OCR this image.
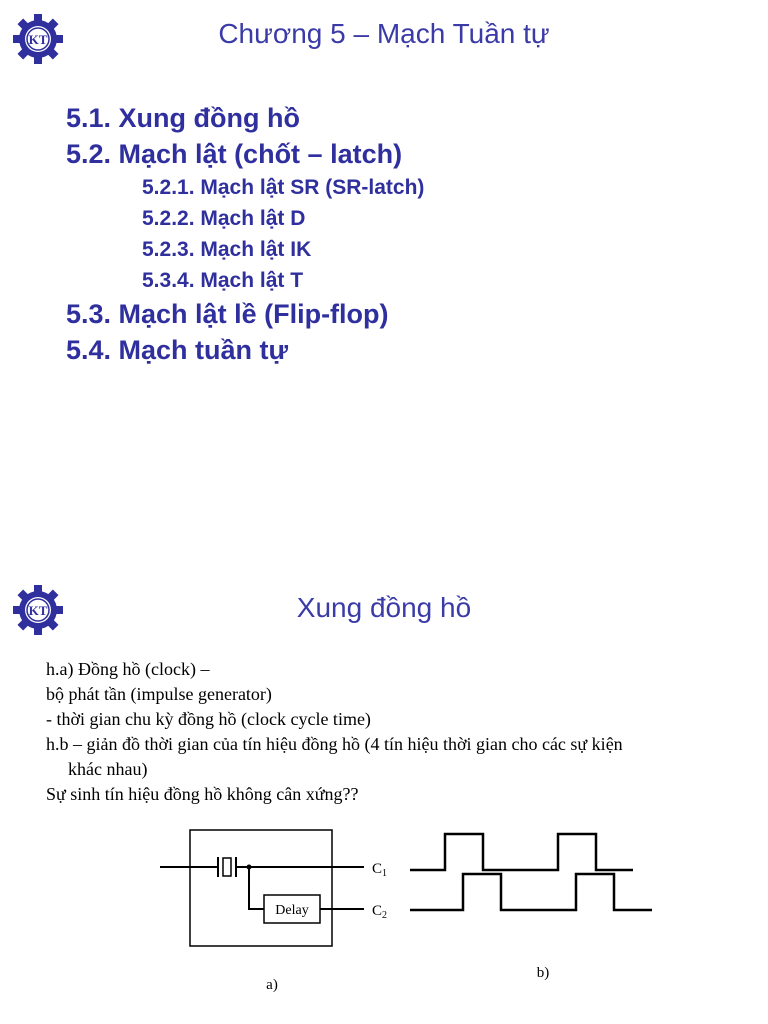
KT	Chương 5 – Mạch Tuần tự
5.1. Xung đồng hồ
5.2. Mạch lật (chốt – latch)
5.2.1. Mạch lật SR (SR-latch)
5.2.2. Mạch lật D
5.2.3. Mạch lật IK
5.3.4. Mạch lật T
5.3. Mạch lật lề (Flip-flop)
5.4. Mạch tuần tự
KT	Xung đồng hồ
h.a) Đồng hồ (clock) –
bộ phát tần (impulse generator)
- thời gian chu kỳ đồng hồ (clock cycle time)
h.b – giản đồ thời gian của tín hiệu đồng hồ (4 tín hiệu thời gian cho các sự kiện
khác nhau)
Sự sinh tín hiệu đồng hồ không cân xứng??
Delay
$C_1$
$C_2$
a)
b)
